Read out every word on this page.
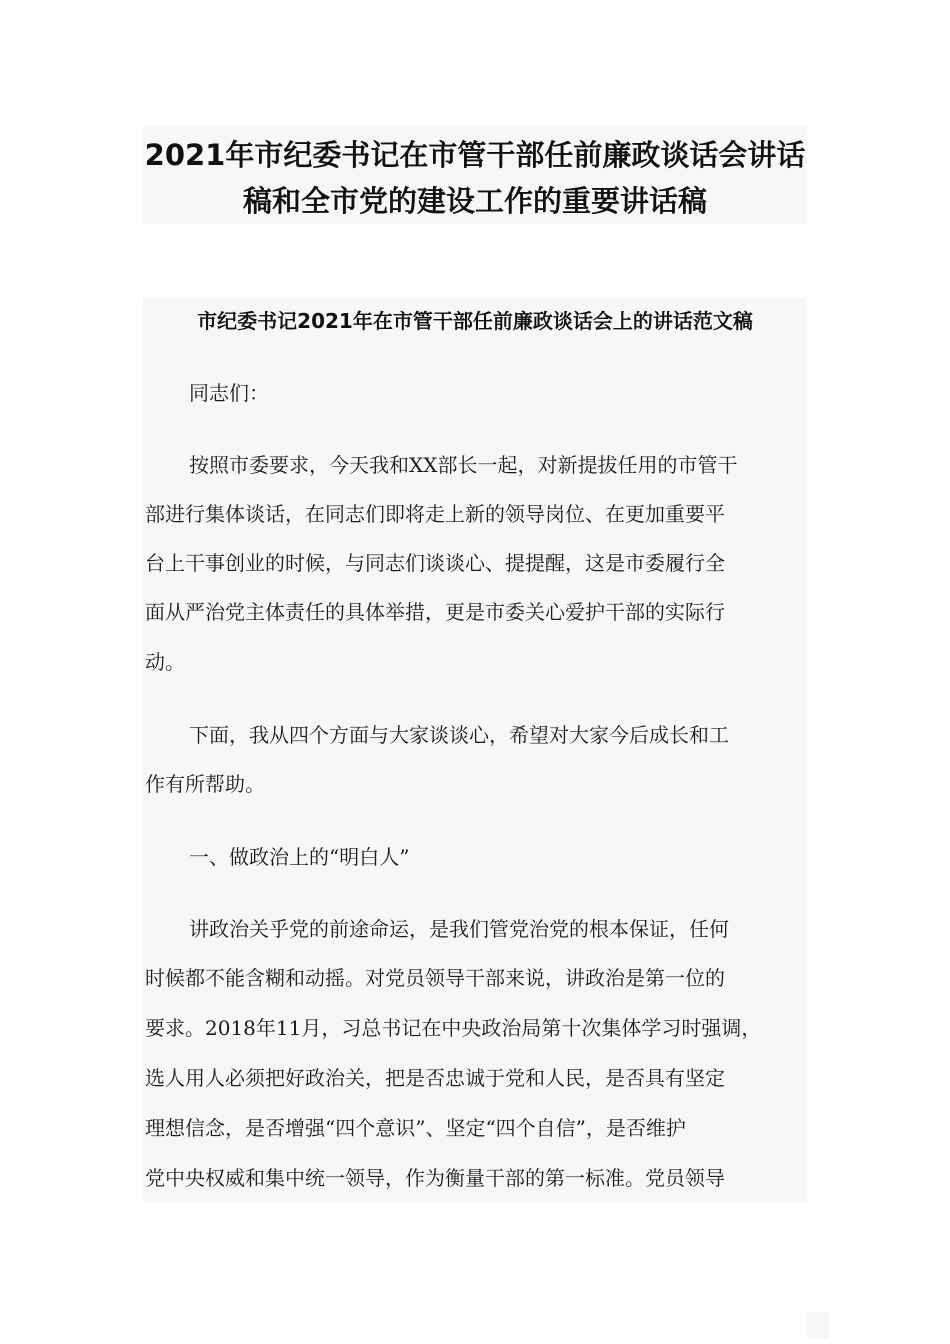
2021年市纪委书记在市管干部任前廉政谈话会讲话
稿和全市党的建设工作的重要讲话稿
市纪委书记2021年在市管干部任前廉政谈话会上的讲话范文稿
同志们：
按照市委要求，今天我和XX部长一起，对新提拔任用的市管干
部进行集体谈话，在同志们即将走上新的领导岗位、在更加重要平
台上干事创业的时候，与同志们谈谈心、提提醒，这是市委履行全
面从严治党主体责任的具体举措，更是市委关心爱护干部的实际行
动。
下面，我从四个方面与大家谈谈心，希望对大家今后成长和工
作有所帮助。
一、做政治上的“明白人”
讲政治关乎党的前途命运，是我们管党治党的根本保证，任何
时候都不能含糊和动摇。对党员领导干部来说，讲政治是第一位的
要求。2018年11月，习总书记在中央政治局第十次集体学习时强调，
选人用人必须把好政治关，把是否忠诚于党和人民，是否具有坚定
理想信念，是否增强“四个意识”、坚定“四个自信”，是否维护
党中央权威和集中统一领导，作为衡量干部的第一标准。党员领导
